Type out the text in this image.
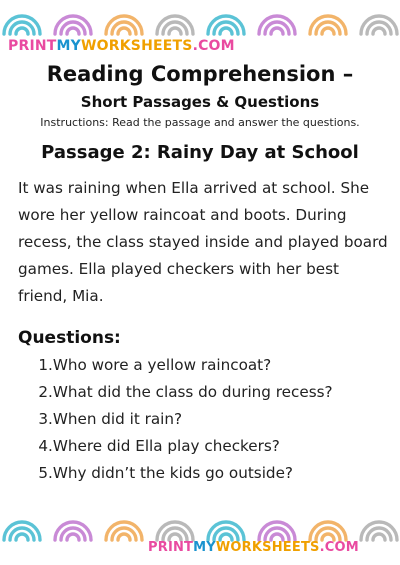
PRINTMYWORKSHEETS.COM
Reading Comprehension –
Short Passages & Questions
Instructions: Read the passage and answer the questions.
Passage 2: Rainy Day at School
It was raining when Ella arrived at school. She wore her yellow raincoat and boots. During recess, the class stayed inside and played board games. Ella played checkers with her best friend, Mia.
Questions:
1 . Who wore a yellow raincoat?
2 . What did the class do during recess?
3 . When did it rain?
4 . Where did Ella play checkers?
5 . Why didn’t the kids go outside?
PRINTMYWORKSHEETS.COM
